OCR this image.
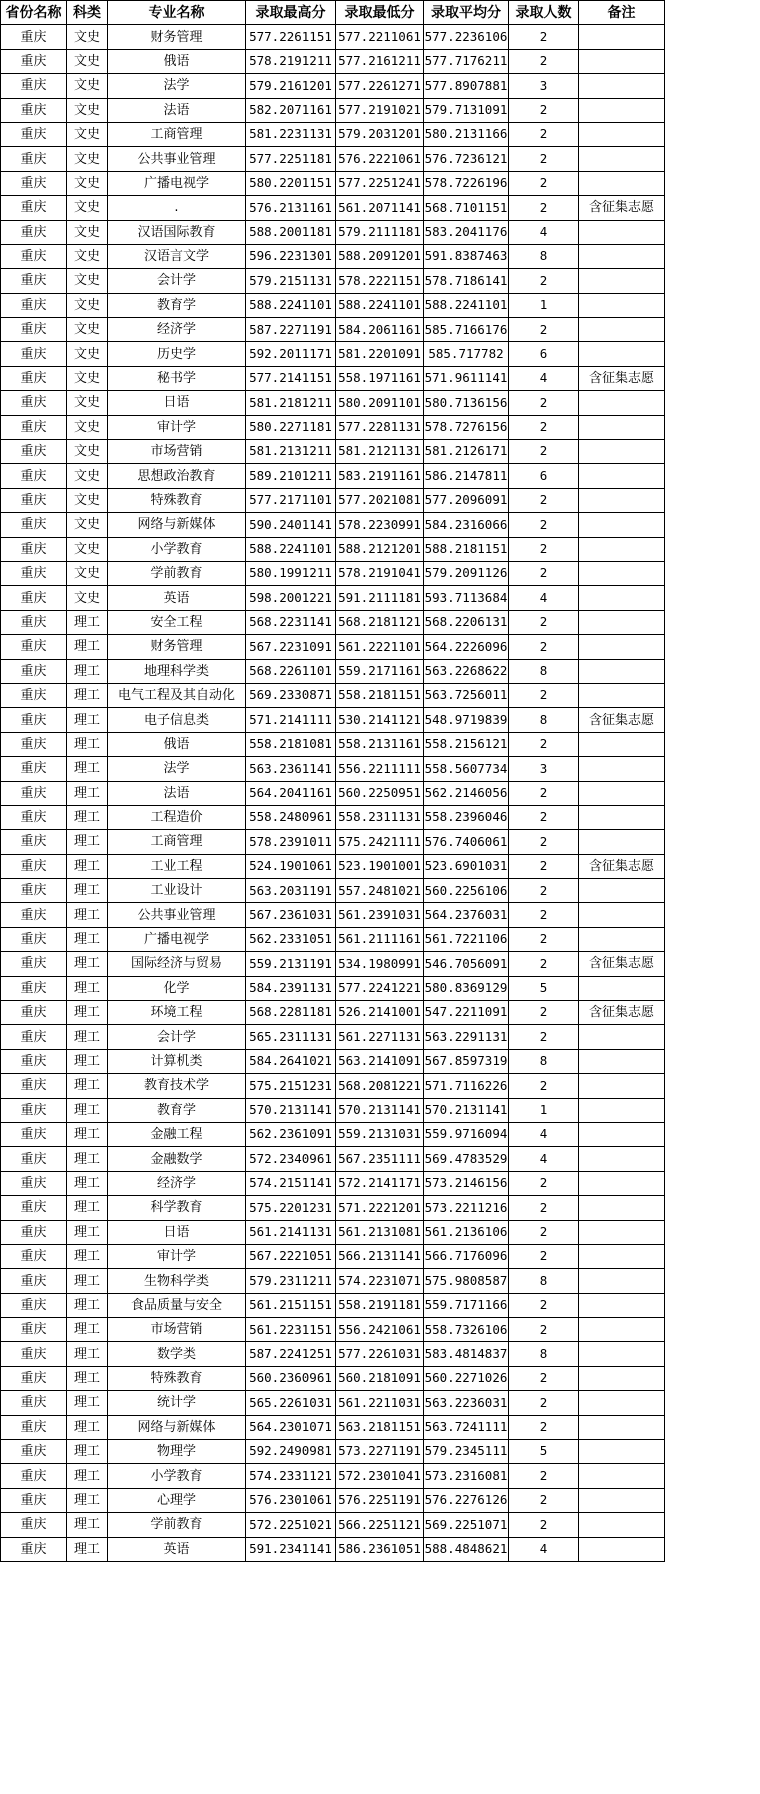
省份名称	科类	专业名称	录取最高分	录取最低分	录取平均分	录取人数	备注
重庆	文史	财务管理	577.2261151	577.2211061	577.2236106	2	
重庆	文史	俄语	578.2191211	577.2161211	577.7176211	2	
重庆	文史	法学	579.2161201	577.2261271	577.8907881	3	
重庆	文史	法语	582.2071161	577.2191021	579.7131091	2	
重庆	文史	工商管理	581.2231131	579.2031201	580.2131166	2	
重庆	文史	公共事业管理	577.2251181	576.2221061	576.7236121	2	
重庆	文史	广播电视学	580.2201151	577.2251241	578.7226196	2	
重庆	文史	.	576.2131161	561.2071141	568.7101151	2	含征集志愿
重庆	文史	汉语国际教育	588.2001181	579.2111181	583.2041176	4	
重庆	文史	汉语言文学	596.2231301	588.2091201	591.8387463	8	
重庆	文史	会计学	579.2151131	578.2221151	578.7186141	2	
重庆	文史	教育学	588.2241101	588.2241101	588.2241101	1	
重庆	文史	经济学	587.2271191	584.2061161	585.7166176	2	
重庆	文史	历史学	592.2011171	581.2201091	585.717782	6	
重庆	文史	秘书学	577.2141151	558.1971161	571.9611141	4	含征集志愿
重庆	文史	日语	581.2181211	580.2091101	580.7136156	2	
重庆	文史	审计学	580.2271181	577.2281131	578.7276156	2	
重庆	文史	市场营销	581.2131211	581.2121131	581.2126171	2	
重庆	文史	思想政治教育	589.2101211	583.2191161	586.2147811	6	
重庆	文史	特殊教育	577.2171101	577.2021081	577.2096091	2	
重庆	文史	网络与新媒体	590.2401141	578.2230991	584.2316066	2	
重庆	文史	小学教育	588.2241101	588.2121201	588.2181151	2	
重庆	文史	学前教育	580.1991211	578.2191041	579.2091126	2	
重庆	文史	英语	598.2001221	591.2111181	593.7113684	4	
重庆	理工	安全工程	568.2231141	568.2181121	568.2206131	2	
重庆	理工	财务管理	567.2231091	561.2221101	564.2226096	2	
重庆	理工	地理科学类	568.2261101	559.2171161	563.2268622	8	
重庆	理工	电气工程及其自动化	569.2330871	558.2181151	563.7256011	2	
重庆	理工	电子信息类	571.2141111	530.2141121	548.9719839	8	含征集志愿
重庆	理工	俄语	558.2181081	558.2131161	558.2156121	2	
重庆	理工	法学	563.2361141	556.2211111	558.5607734	3	
重庆	理工	法语	564.2041161	560.2250951	562.2146056	2	
重庆	理工	工程造价	558.2480961	558.2311131	558.2396046	2	
重庆	理工	工商管理	578.2391011	575.2421111	576.7406061	2	
重庆	理工	工业工程	524.1901061	523.1901001	523.6901031	2	含征集志愿
重庆	理工	工业设计	563.2031191	557.2481021	560.2256106	2	
重庆	理工	公共事业管理	567.2361031	561.2391031	564.2376031	2	
重庆	理工	广播电视学	562.2331051	561.2111161	561.7221106	2	
重庆	理工	国际经济与贸易	559.2131191	534.1980991	546.7056091	2	含征集志愿
重庆	理工	化学	584.2391131	577.2241221	580.8369129	5	
重庆	理工	环境工程	568.2281181	526.2141001	547.2211091	2	含征集志愿
重庆	理工	会计学	565.2311131	561.2271131	563.2291131	2	
重庆	理工	计算机类	584.2641021	563.2141091	567.8597319	8	
重庆	理工	教育技术学	575.2151231	568.2081221	571.7116226	2	
重庆	理工	教育学	570.2131141	570.2131141	570.2131141	1	
重庆	理工	金融工程	562.2361091	559.2131031	559.9716094	4	
重庆	理工	金融数学	572.2340961	567.2351111	569.4783529	4	
重庆	理工	经济学	574.2151141	572.2141171	573.2146156	2	
重庆	理工	科学教育	575.2201231	571.2221201	573.2211216	2	
重庆	理工	日语	561.2141131	561.2131081	561.2136106	2	
重庆	理工	审计学	567.2221051	566.2131141	566.7176096	2	
重庆	理工	生物科学类	579.2311211	574.2231071	575.9808587	8	
重庆	理工	食品质量与安全	561.2151151	558.2191181	559.7171166	2	
重庆	理工	市场营销	561.2231151	556.2421061	558.7326106	2	
重庆	理工	数学类	587.2241251	577.2261031	583.4814837	8	
重庆	理工	特殊教育	560.2360961	560.2181091	560.2271026	2	
重庆	理工	统计学	565.2261031	561.2211031	563.2236031	2	
重庆	理工	网络与新媒体	564.2301071	563.2181151	563.7241111	2	
重庆	理工	物理学	592.2490981	573.2271191	579.2345111	5	
重庆	理工	小学教育	574.2331121	572.2301041	573.2316081	2	
重庆	理工	心理学	576.2301061	576.2251191	576.2276126	2	
重庆	理工	学前教育	572.2251021	566.2251121	569.2251071	2	
重庆	理工	英语	591.2341141	586.2361051	588.4848621	4	
